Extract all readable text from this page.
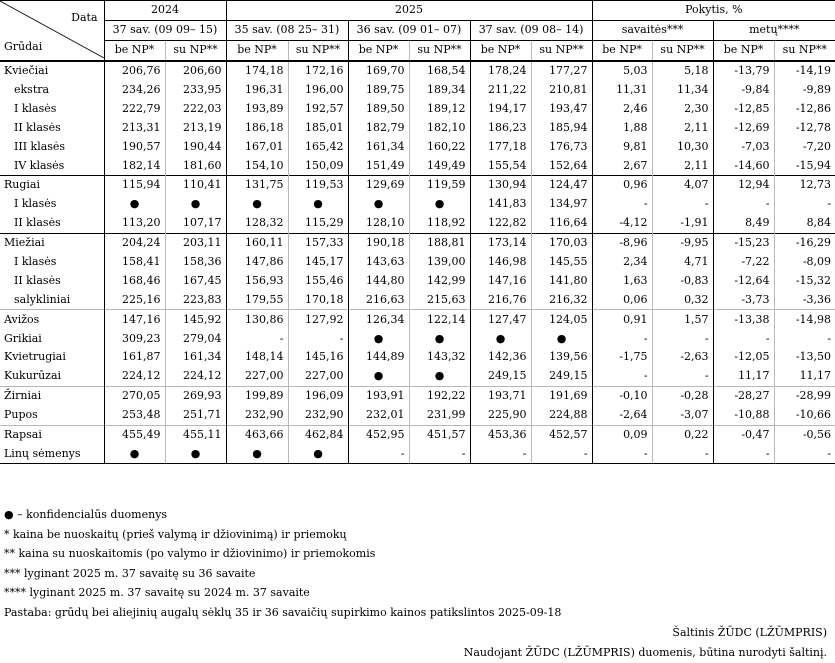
Data
Grūdai	2024		2025						Pokytis, %			
	37 sav. (09 09– 15)		35 sav. (08 25– 31)		36 sav. (09 01– 07)		37 sav. (09 08– 14)		savaitės***		metų****	
	be NP*	su NP**	be NP*	su NP**	be NP*	su NP**	be NP*	su NP**	be NP*	su NP**	be NP*	su NP**
Kviečiai	206,76	206,60	174,18	172,16	169,70	168,54	178,24	177,27	5,03	5,18	-13,79	-14,19
ekstra	234,26	233,95	196,31	196,00	189,75	189,34	211,22	210,81	11,31	11,34	-9,84	-9,89
I klasės	222,79	222,03	193,89	192,57	189,50	189,12	194,17	193,47	2,46	2,30	-12,85	-12,86
II klasės	213,31	213,19	186,18	185,01	182,79	182,10	186,23	185,94	1,88	2,11	-12,69	-12,78
III klasės	190,57	190,44	167,01	165,42	161,34	160,22	177,18	176,73	9,81	10,30	-7,03	-7,20
IV klasės	182,14	181,60	154,10	150,09	151,49	149,49	155,54	152,64	2,67	2,11	-14,60	-15,94
Rugiai	115,94	110,41	131,75	119,53	129,69	119,59	130,94	124,47	0,96	4,07	12,94	12,73
I klasės	●	●	●	●	●	●	141,83	134,97	-	-	-	-
II klasės	113,20	107,17	128,32	115,29	128,10	118,92	122,82	116,64	-4,12	-1,91	8,49	8,84
Miežiai	204,24	203,11	160,11	157,33	190,18	188,81	173,14	170,03	-8,96	-9,95	-15,23	-16,29
I klasės	158,41	158,36	147,86	145,17	143,63	139,00	146,98	145,55	2,34	4,71	-7,22	-8,09
II klasės	168,46	167,45	156,93	155,46	144,80	142,99	147,16	141,80	1,63	-0,83	-12,64	-15,32
salykliniai	225,16	223,83	179,55	170,18	216,63	215,63	216,76	216,32	0,06	0,32	-3,73	-3,36
Avižos	147,16	145,92	130,86	127,92	126,34	122,14	127,47	124,05	0,91	1,57	-13,38	-14,98
Grikiai	309,23	279,04	-	-	●	●	●	●	-	-	-	-
Kvietrugiai	161,87	161,34	148,14	145,16	144,89	143,32	142,36	139,56	-1,75	-2,63	-12,05	-13,50
Kukurūzai	224,12	224,12	227,00	227,00	●	●	249,15	249,15	-	-	11,17	11,17
Žirniai	270,05	269,93	199,89	196,09	193,91	192,22	193,71	191,69	-0,10	-0,28	-28,27	-28,99
Pupos	253,48	251,71	232,90	232,90	232,01	231,99	225,90	224,88	-2,64	-3,07	-10,88	-10,66
Rapsai	455,49	455,11	463,66	462,84	452,95	451,57	453,36	452,57	0,09	0,22	-0,47	-0,56
Linų sėmenys	●	●	●	●	-	-	-	-	-	-	-	-
● – konfidencialūs duomenys
* kaina be nuoskaitų (prieš valymą ir džiovinimą) ir priemokų
** kaina su nuoskaitomis (po valymo ir džiovinimo) ir priemokomis
*** lyginant 2025 m. 37 savaitę su 36 savaite
**** lyginant 2025 m. 37 savaitę su 2024 m. 37 savaite
Pastaba: grūdų bei aliejinių augalų sėklų 35 ir 36 savaičių supirkimo kainos patikslintos 2025-09-18
Šaltinis ŽŪDC (LŽŪMPRIS)
Naudojant ŽŪDC (LŽŪMPRIS) duomenis, būtina nurodyti šaltinį.
